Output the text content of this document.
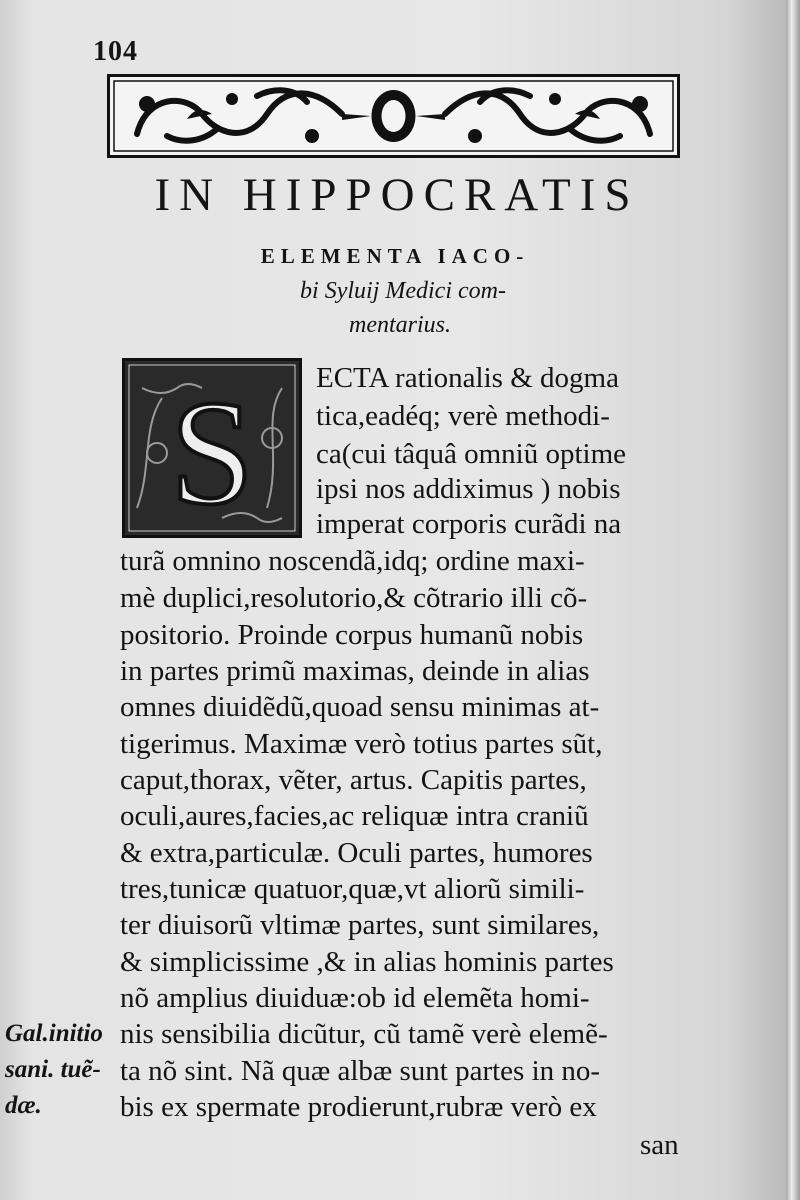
104
IN HIPPOCRATIS
ELEMENTA IACO-
bi Syluij Medici com-
mentarius.
S ECTA rationalis & dogma
tica,eadéq; verè methodi-
ca(cui tâquâ omniũ optime
ipsi nos addiximus ) nobis
imperat corporis curãdi na
turã omnino noscendã,idq; ordine maxi-
mè duplici,resolutorio,& cõtrario illi cõ-
positorio. Proinde corpus humanũ nobis
in partes primũ maximas, deinde in alias
omnes diuidẽdũ,quoad sensu minimas at-
tigerimus. Maximæ verò totius partes sũt,
caput,thorax, vẽter, artus. Capitis partes,
oculi,aures,facies,ac reliquæ intra craniũ
& extra,particulæ. Oculi partes, humores
tres,tunicæ quatuor,quæ,vt aliorũ simili-
ter diuisorũ vltimæ partes, sunt similares,
& simplicissime ,& in alias hominis partes
nõ amplius diuiduæ:ob id elemẽta homi-
nis sensibilia dicũtur, cũ tamẽ verè elemẽ-
ta nõ sint. Nã quæ albæ sunt partes in no-
bis ex spermate prodierunt,rubræ verò ex
san
Gal.initio
sani. tuẽ-
dæ.
